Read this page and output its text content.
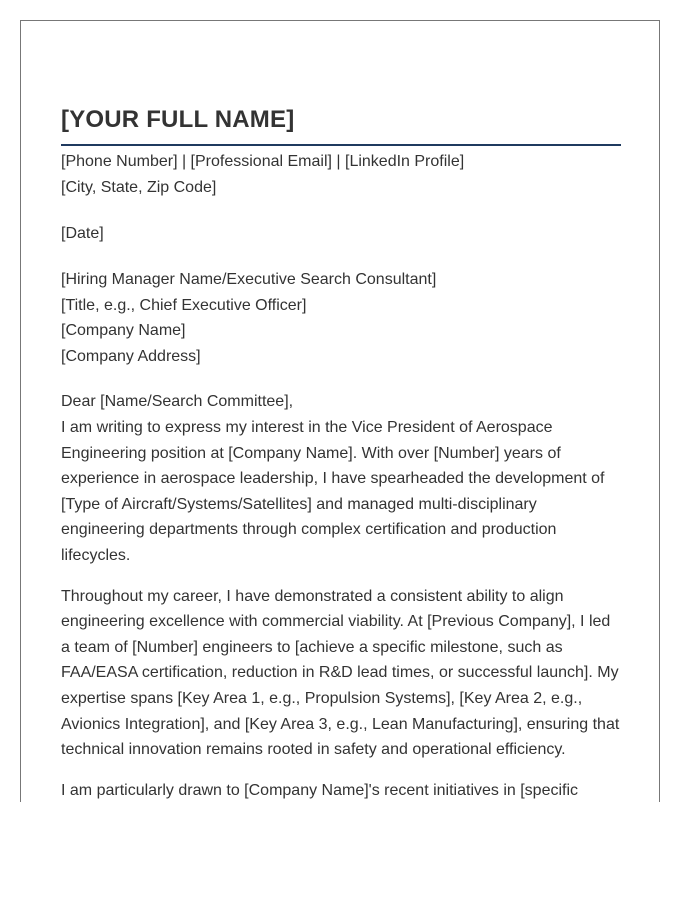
[YOUR FULL NAME]
[Phone Number] | [Professional Email] | [LinkedIn Profile]
[City, State, Zip Code]
[Date]
[Hiring Manager Name/Executive Search Consultant]
[Title, e.g., Chief Executive Officer]
[Company Name]
[Company Address]
Dear [Name/Search Committee],

I am writing to express my interest in the Vice President of Aerospace
Engineering position at [Company Name]. With over [Number] years of
experience in aerospace leadership, I have spearheaded the development of
[Type of Aircraft/Systems/Satellites] and managed multi-disciplinary
engineering departments through complex certification and production
lifecycles.

Throughout my career, I have demonstrated a consistent ability to align
engineering excellence with commercial viability. At [Previous Company], I led
a team of [Number] engineers to [achieve a specific milestone, such as
FAA/EASA certification, reduction in R&D lead times, or successful launch]. My
expertise spans [Key Area 1, e.g., Propulsion Systems], [Key Area 2, e.g.,
Avionics Integration], and [Key Area 3, e.g., Lean Manufacturing], ensuring that
technical innovation remains rooted in safety and operational efficiency.

I am particularly drawn to [Company Name]'s recent initiatives in [specific
